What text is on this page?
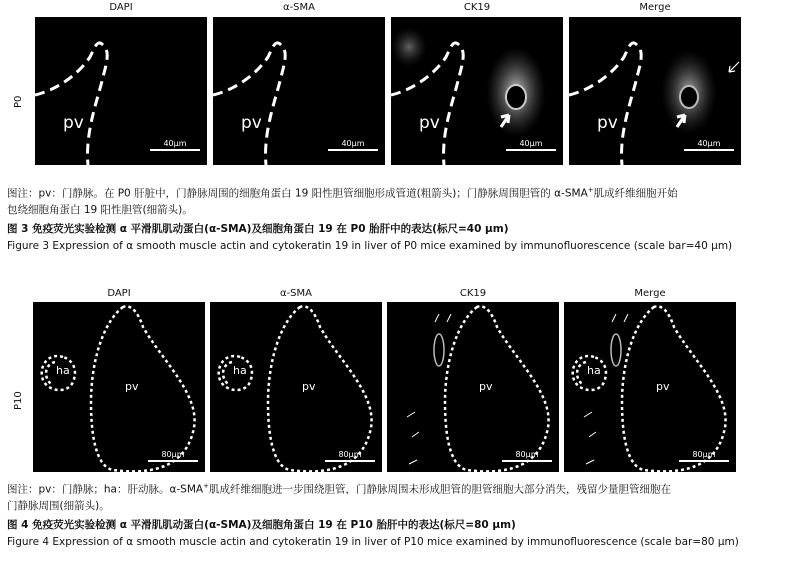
DAPI	α-SMA	CK19	Merge
P0
pv
40μm
pv
40μm
pv
40μm
pv
40μm
图注：pv：门静脉。在 P0 肝脏中，门静脉周围的细胞角蛋白 19 阳性胆管细胞形成管道(粗箭头)；门静脉周围胆管的 α-SMA+肌成纤维细胞开始
包绕细胞角蛋白 19 阳性胆管(细箭头)。
图 3 免疫荧光实验检测 α 平滑肌肌动蛋白(α-SMA)及细胞角蛋白 19 在 P0 胎肝中的表达(标尺=40 μm)
Figure 3 Expression of α smooth muscle actin and cytokeratin 19 in liver of P0 mice examined by immunofluorescence (scale bar=40 μm)
DAPI	α-SMA	CK19	Merge
P10
ha
pv
80μm
ha
pv
80μm
pv
80μm
ha
pv
80μm
图注：pv：门静脉；ha：肝动脉。α-SMA+肌成纤维细胞进一步围绕胆管，门静脉周围未形成胆管的胆管细胞大部分消失，残留少量胆管细胞在
门静脉周围(细箭头)。
图 4 免疫荧光实验检测 α 平滑肌肌动蛋白(α-SMA)及细胞角蛋白 19 在 P10 胎肝中的表达(标尺=80 μm)
Figure 4 Expression of α smooth muscle actin and cytokeratin 19 in liver of P10 mice examined by immunofluorescence (scale bar=80 μm)
